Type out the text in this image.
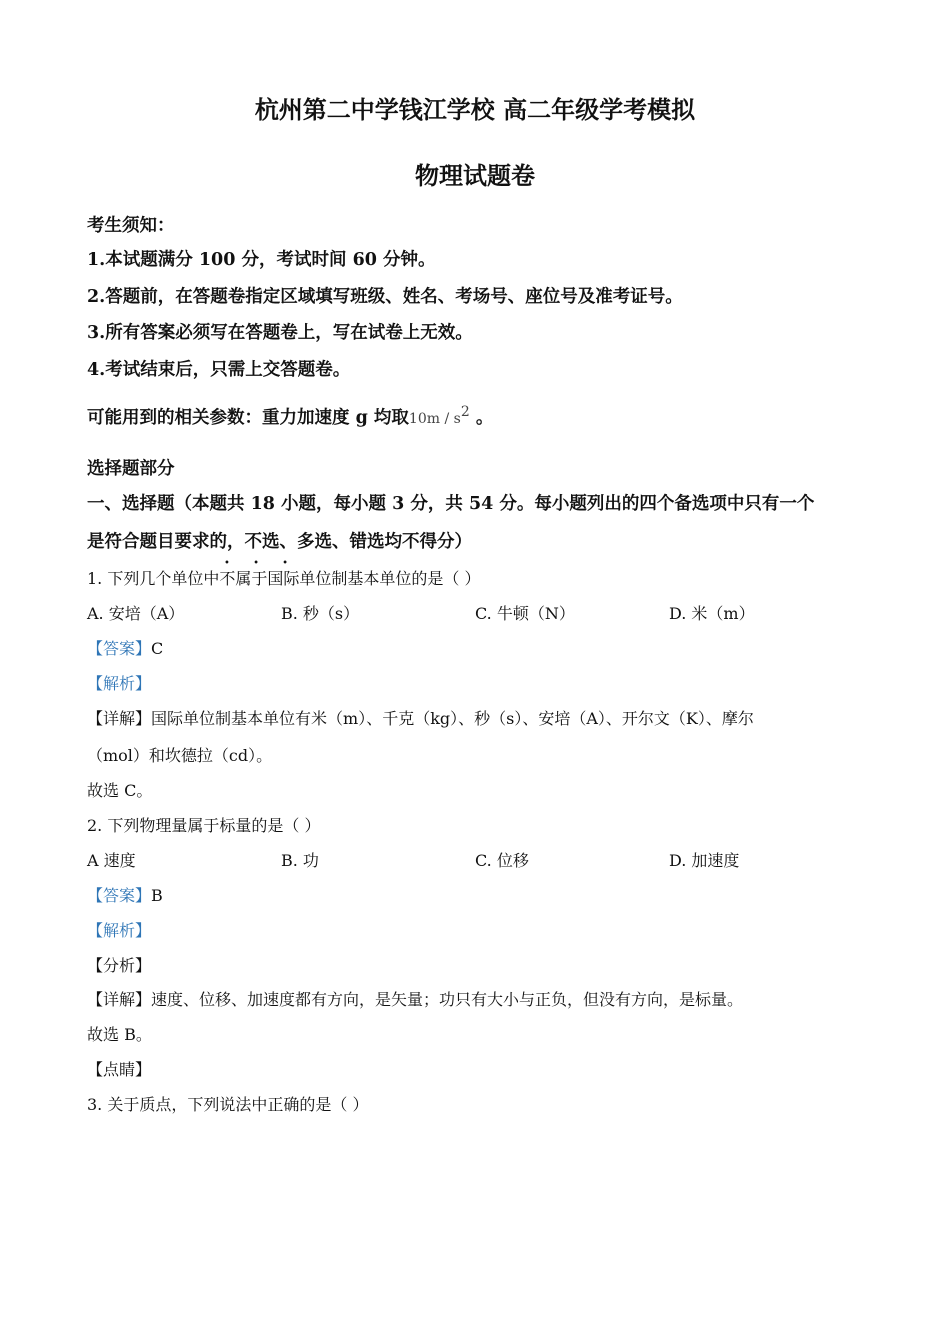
杭州第二中学钱江学校 高二年级学考模拟
物理试题卷
考生须知：
1.本试题满分 100 分，考试时间 60 分钟。
2.答题前，在答题卷指定区域填写班级、姓名、考场号、座位号及准考证号。
3.所有答案必须写在答题卷上，写在试卷上无效。
4.考试结束后，只需上交答题卷。
可能用到的相关参数：重力加速度 g 均取$10m / s^2$ 。
选择题部分
一、选择题（本题共 18 小题，每小题 3 分，共 54 分。每小题列出的四个备选项中只有一个
是符合题目要求的，不选、多选、错选均不得分）
• • •
1. 下列几个单位中不属于国际单位制基本单位的是（ ）
A. 安培（A）	B. 秒（s）	C. 牛顿（N）	D. 米（m）
【答案】C
【解析】
【详解】国际单位制基本单位有米（m）、千克（kg）、秒（s）、安培（A）、开尔文（K）、摩尔
（mol）和坎德拉（cd）。
故选 C。
2. 下列物理量属于标量的是（ ）
A 速度	B. 功	C. 位移	D. 加速度
【答案】B
【解析】
【分析】
【详解】速度、位移、加速度都有方向，是矢量；功只有大小与正负，但没有方向，是标量。
故选 B。
【点睛】
3. 关于质点，下列说法中正确的是（ ）
